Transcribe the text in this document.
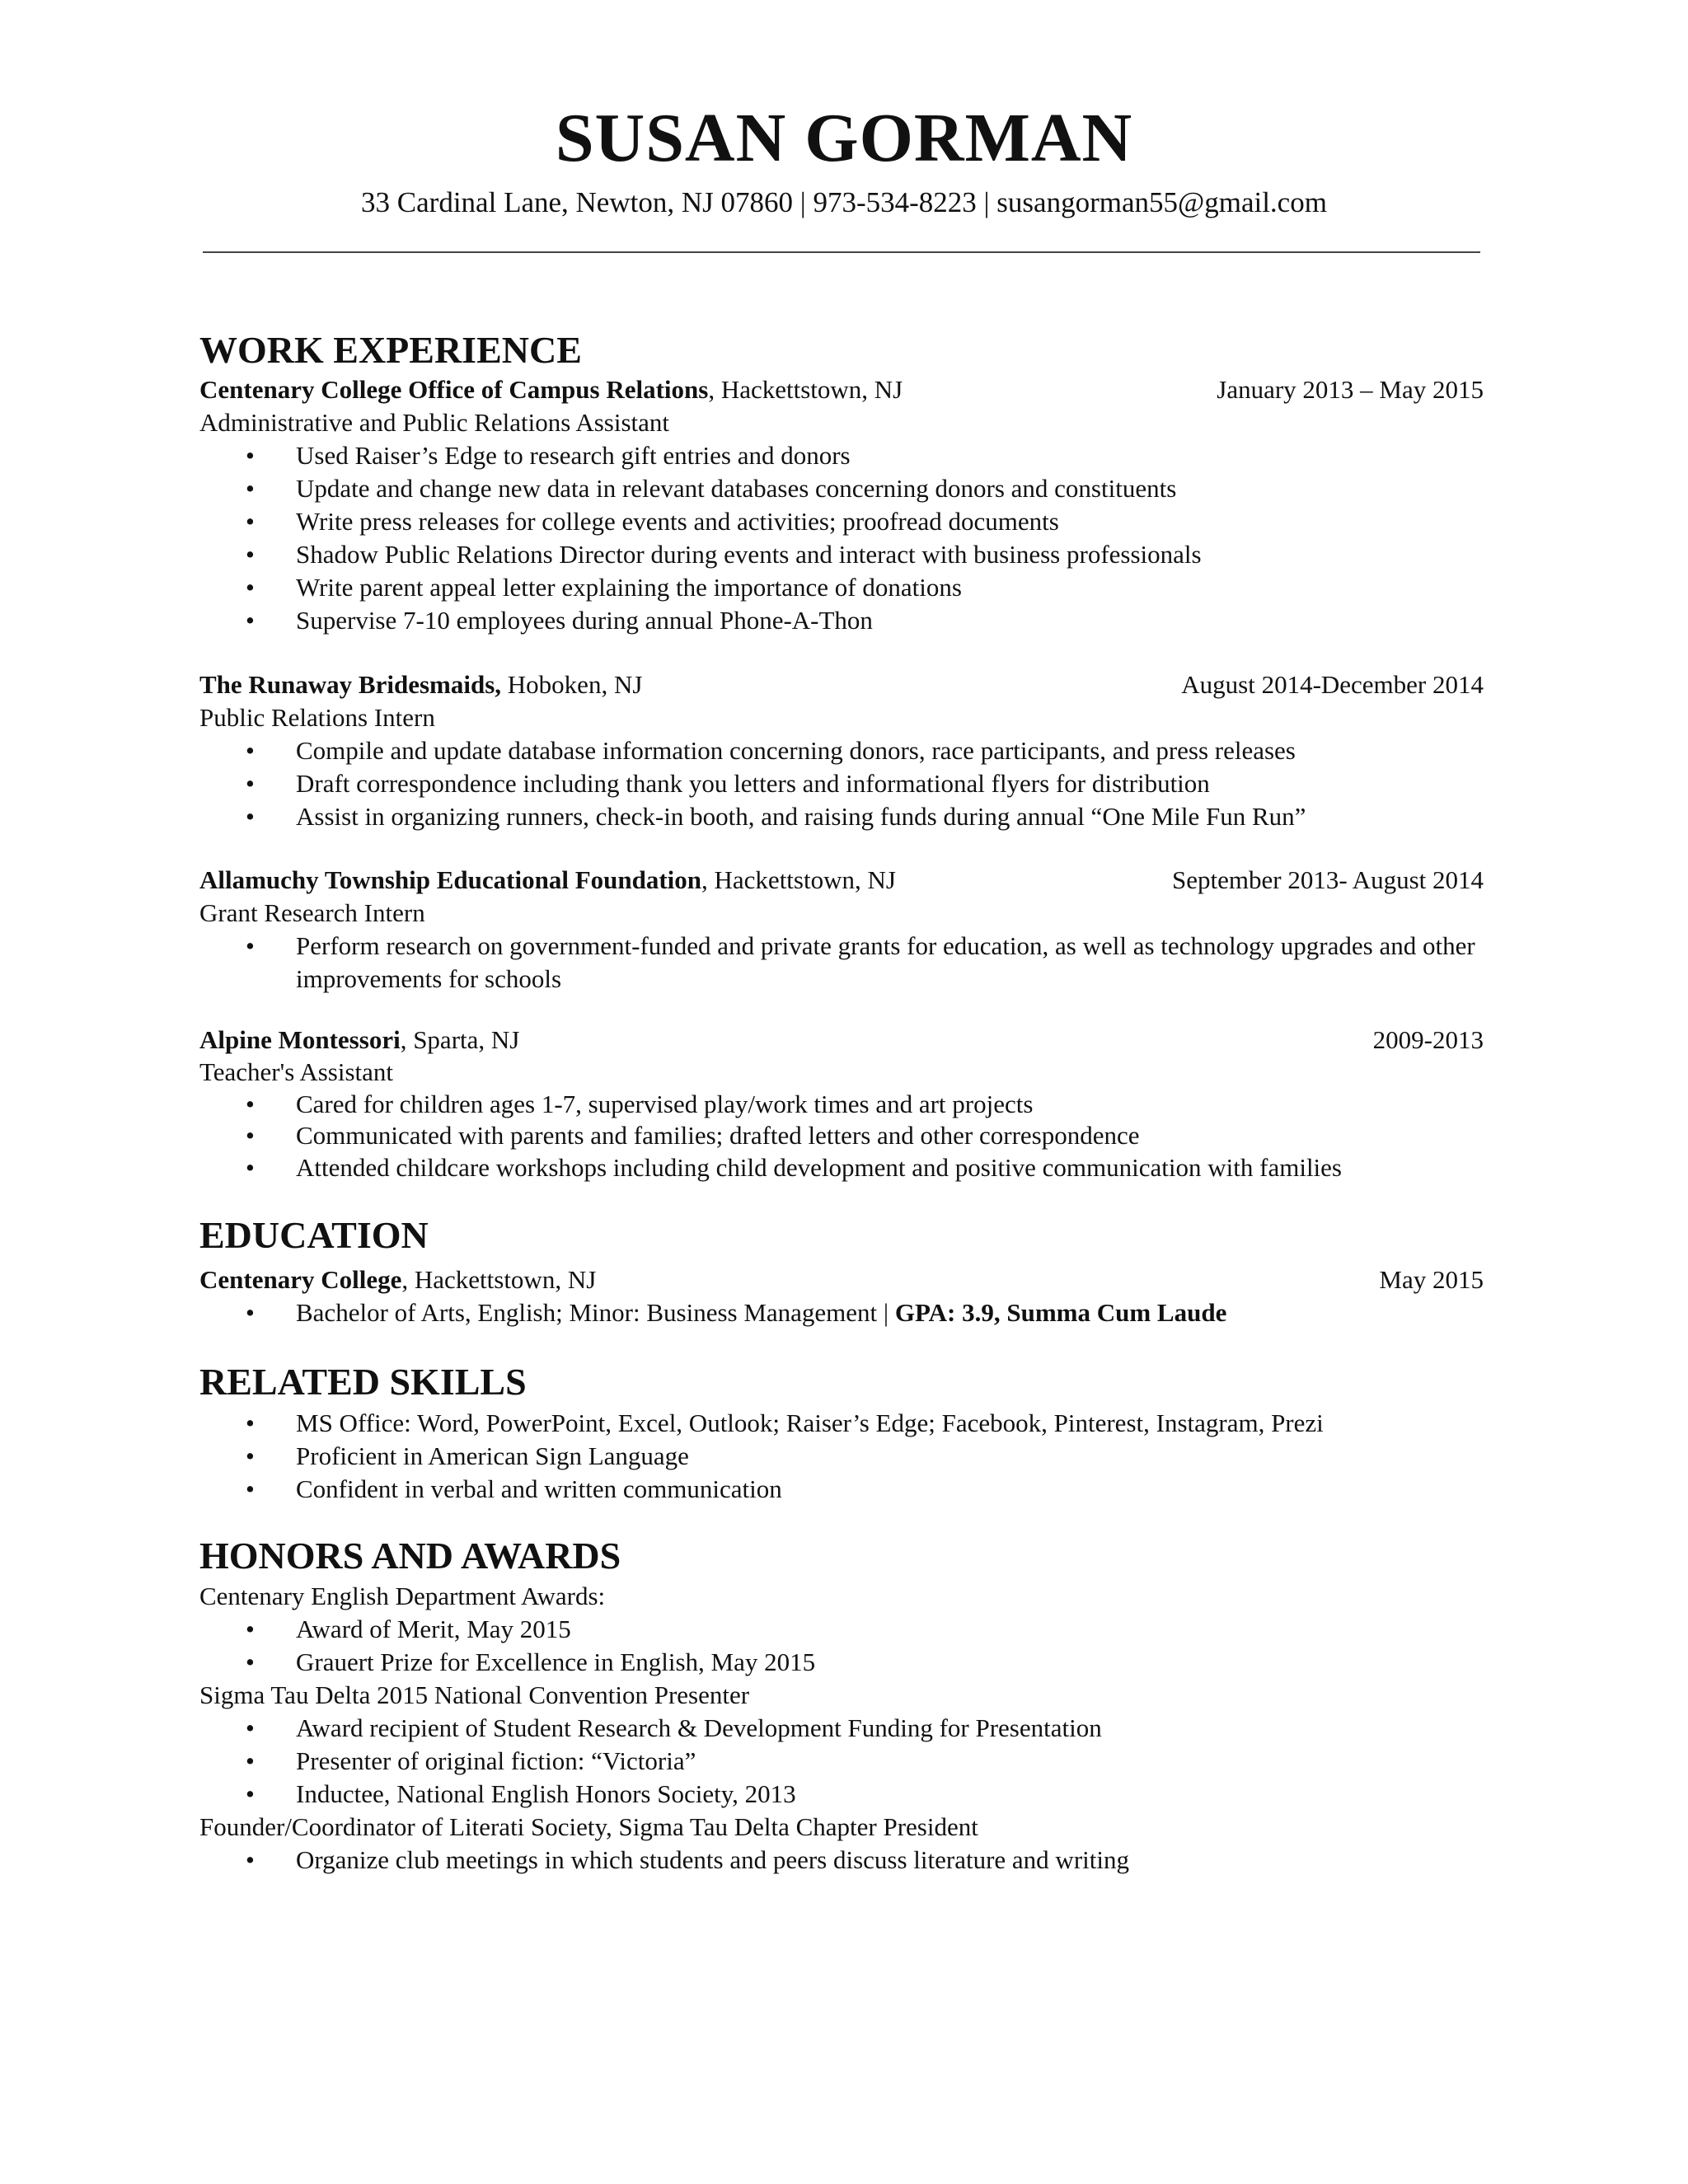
SUSAN GORMAN
33 Cardinal Lane, Newton, NJ 07860 | 973-534-8223 | susangorman55@gmail.com
WORK EXPERIENCE
Centenary College Office of Campus Relations, Hackettstown, NJ	January 2013 – May 2015
Administrative and Public Relations Assistant
•	Used Raiser’s Edge to research gift entries and donors
•	Update and change new data in relevant databases concerning donors and constituents
•	Write press releases for college events and activities; proofread documents
•	Shadow Public Relations Director during events and interact with business professionals
•	Write parent appeal letter explaining the importance of donations
•	Supervise 7-10 employees during annual Phone-A-Thon
The Runaway Bridesmaids, Hoboken, NJ	August 2014-December 2014
Public Relations Intern
•	Compile and update database information concerning donors, race participants, and press releases
•	Draft correspondence including thank you letters and informational flyers for distribution
•	Assist in organizing runners, check-in booth, and raising funds during annual “One Mile Fun Run”
Allamuchy Township Educational Foundation, Hackettstown, NJ	September 2013- August 2014
Grant Research Intern
•	Perform research on government-funded and private grants for education, as well as technology upgrades and other improvements for schools
Alpine Montessori, Sparta, NJ	2009-2013
Teacher's Assistant
•	Cared for children ages 1-7, supervised play/work times and art projects
•	Communicated with parents and families; drafted letters and other correspondence
•	Attended childcare workshops including child development and positive communication with families
EDUCATION
Centenary College, Hackettstown, NJ	May 2015
•	Bachelor of Arts, English; Minor: Business Management | GPA: 3.9, Summa Cum Laude
RELATED SKILLS
•	MS Office: Word, PowerPoint, Excel, Outlook; Raiser’s Edge; Facebook, Pinterest, Instagram, Prezi
•	Proficient in American Sign Language
•	Confident in verbal and written communication
HONORS AND AWARDS
Centenary English Department Awards:
•	Award of Merit, May 2015
•	Grauert Prize for Excellence in English, May 2015
Sigma Tau Delta 2015 National Convention Presenter
•	Award recipient of Student Research & Development Funding for Presentation
•	Presenter of original fiction: “Victoria”
•	Inductee, National English Honors Society, 2013
Founder/Coordinator of Literati Society, Sigma Tau Delta Chapter President
•	Organize club meetings in which students and peers discuss literature and writing
